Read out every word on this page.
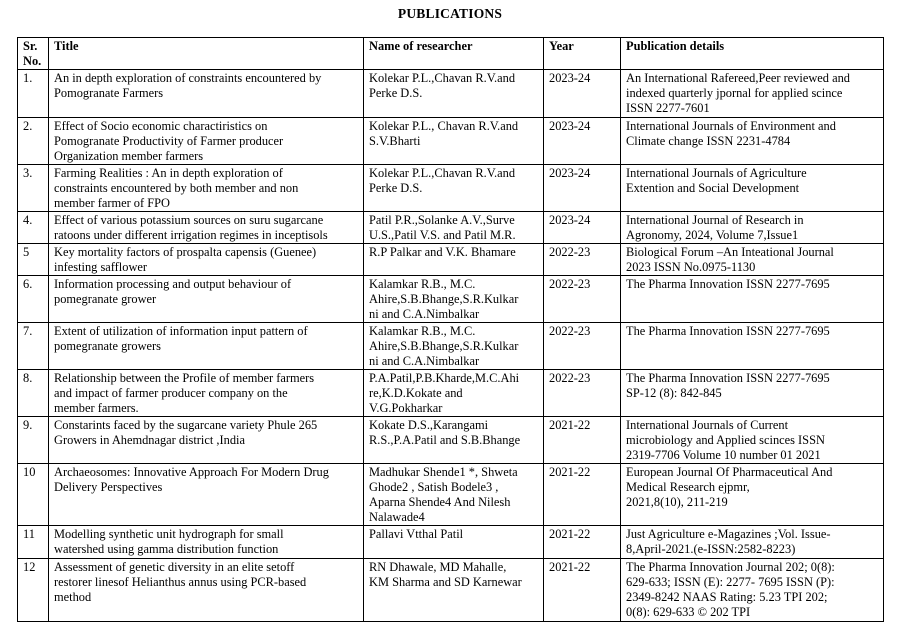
PUBLICATIONS
Sr.
No.	Title	Name of researcher	Year	Publication details

1.	An in depth exploration of constraints encountered by
Pomogranate Farmers	Kolekar P.L.,Chavan R.V.and
Perke D.S.	2023-24	An International Rafereed,Peer reviewed and
indexed quarterly jpornal for applied scince
ISSN 2277-7601

2.	Effect of Socio economic charactiristics on
Pomogranate Productivity of Farmer producer
Organization member farmers	Kolekar P.L., Chavan R.V.and
S.V.Bharti	2023-24	International Journals of Environment and
Climate change ISSN 2231-4784

3.	Farming Realities : An in depth exploration of
constraints encountered by both member and non
member farmer of FPO	Kolekar P.L.,Chavan R.V.and
Perke D.S.	2023-24	International Journals of Agriculture
Extention and Social Development

4.	Effect of various potassium sources on suru sugarcane
ratoons under different irrigation regimes in inceptisols	Patil P.R.,Solanke A.V.,Surve
U.S.,Patil V.S. and Patil M.R.	2023-24	International Journal of Research in
Agronomy, 2024, Volume 7,Issue1

5	Key mortality factors of prospalta capensis (Guenee)
infesting safflower	R.P Palkar and V.K. Bhamare	2022-23	Biological Forum –An Inteational Journal
2023 ISSN No.0975-1130

6.	Information processing and output behaviour of
pomegranate grower	Kalamkar R.B., M.C.
Ahire,S.B.Bhange,S.R.Kulkar
ni and C.A.Nimbalkar	2022-23	The Pharma Innovation ISSN 2277-7695

7.	Extent of utilization of information input pattern of
pomegranate growers	Kalamkar R.B., M.C.
Ahire,S.B.Bhange,S.R.Kulkar
ni and C.A.Nimbalkar	2022-23	The Pharma Innovation ISSN 2277-7695

8.	Relationship between the Profile of member farmers
and impact of farmer producer company on the
member farmers.	P.A.Patil,P.B.Kharde,M.C.Ahi
re,K.D.Kokate and
V.G.Pokharkar	2022-23	The Pharma Innovation ISSN 2277-7695
SP-12 (8): 842-845

9.	Constarints faced by the sugarcane variety Phule 265
Growers in Ahemdnagar district ,India	Kokate D.S.,Karangami
R.S.,P.A.Patil and S.B.Bhange	2021-22	International Journals of Current
microbiology and Applied scinces ISSN
2319-7706 Volume 10 number 01 2021

10	Archaeosomes: Innovative Approach For Modern Drug
Delivery Perspectives	Madhukar Shende1 *, Shweta
Ghode2 , Satish Bodele3 ,
Aparna Shende4 And Nilesh
Nalawade4	2021-22	European Journal Of Pharmaceutical And
Medical Research ejpmr,
2021,8(10), 211-219

11	Modelling synthetic unit hydrograph for small
watershed using gamma distribution function	Pallavi Vtthal Patil	2021-22	Just Agriculture e-Magazines ;Vol. Issue-
8,April-2021.(e-ISSN:2582-8223)

12	Assessment of genetic diversity in an elite setoff
restorer linesof Helianthus annus using PCR-based
method	RN Dhawale, MD Mahalle,
KM Sharma and SD Karnewar	2021-22	The Pharma Innovation Journal 202; 0(8):
629-633; ISSN (E): 2277- 7695 ISSN (P):
2349-8242 NAAS Rating: 5.23 TPI 202;
0(8): 629-633 © 202 TPI
